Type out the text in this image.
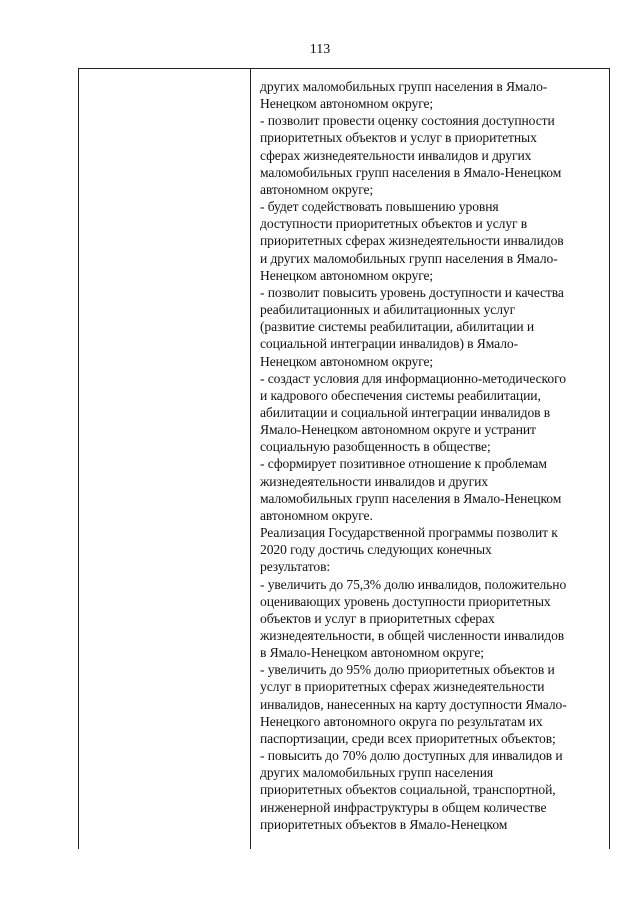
113
других маломобильных групп населения в Ямало-
Ненецком автономном округе;
- позволит провести оценку состояния доступности
приоритетных объектов и услуг в приоритетных
сферах жизнедеятельности инвалидов и других
маломобильных групп населения в Ямало-Ненецком
автономном округе;
- будет содействовать повышению уровня
доступности приоритетных объектов и услуг в
приоритетных сферах жизнедеятельности инвалидов
и других маломобильных групп населения в Ямало-
Ненецком автономном округе;
- позволит повысить уровень доступности и качества
реабилитационных и абилитационных услуг
(развитие системы реабилитации, абилитации и
социальной интеграции инвалидов) в Ямало-
Ненецком автономном округе;
- создаст условия для информационно-методического
и кадрового обеспечения системы реабилитации,
абилитации и социальной интеграции инвалидов в
Ямало-Ненецком автономном округе и устранит
социальную разобщенность в обществе;
- сформирует позитивное отношение к проблемам
жизнедеятельности инвалидов и других
маломобильных групп населения в Ямало-Ненецком
автономном округе.
Реализация Государственной программы позволит к
2020 году достичь следующих конечных
результатов:
- увеличить до 75,3% долю инвалидов, положительно
оценивающих уровень доступности приоритетных
объектов и услуг в приоритетных сферах
жизнедеятельности, в общей численности инвалидов
в Ямало-Ненецком автономном округе;
- увеличить до 95% долю приоритетных объектов и
услуг в приоритетных сферах жизнедеятельности
инвалидов, нанесенных на карту доступности Ямало-
Ненецкого автономного округа по результатам их
паспортизации, среди всех приоритетных объектов;
- повысить до 70% долю доступных для инвалидов и
других маломобильных групп населения
приоритетных объектов социальной, транспортной,
инженерной инфраструктуры в общем количестве
приоритетных объектов в Ямало-Ненецком
